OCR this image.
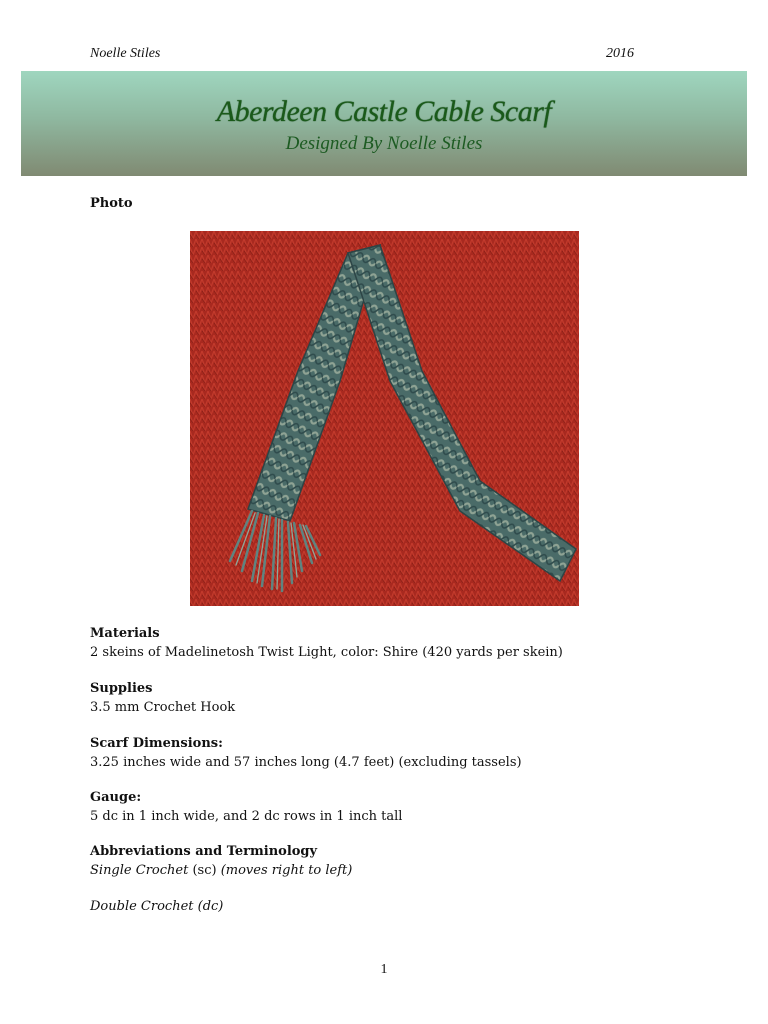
Noelle Stiles	2016
Aberdeen Castle Cable Scarf
Designed By Noelle Stiles
Photo
Materials
2 skeins of Madelinetosh Twist Light, color: Shire (420 yards per skein)
Supplies
3.5 mm Crochet Hook
Scarf Dimensions:
3.25 inches wide and 57 inches long (4.7 feet) (excluding tassels)
Gauge:
5 dc in 1 inch wide, and 2 dc rows in 1 inch tall
Abbreviations and Terminology
Single Crochet (sc) (moves right to left)
Double Crochet (dc)
1
